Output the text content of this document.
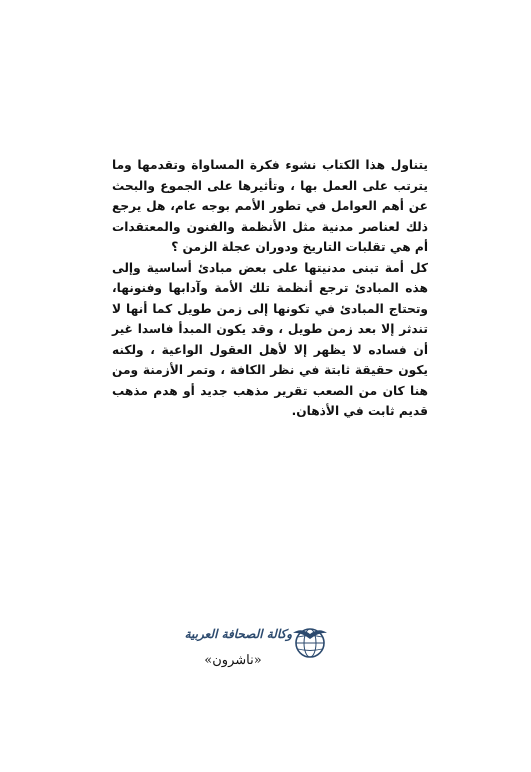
يتناول هذا الكتاب نشوء فكرة المساواة وتقدمها وما يترتب على العمل بها ، وتأثيرها على الجموع والبحث عن أهم العوامل في تطور الأمم بوجه عام، هل يرجع ذلك لعناصر مدنية مثل الأنظمة والفنون والمعتقدات أم هي تقلبات التاريخ ودوران عجلة الزمن ؟

كل أمة تبنى مدنيتها على بعض مبادئ أساسية وإلى هذه المبادئ ترجع أنظمة تلك الأمة وآدابها وفنونها، وتحتاج المبادئ في تكونها إلى زمن طويل كما أنها لا تندثر إلا بعد زمن طويل ، وقد يكون المبدأ فاسدا غير أن فساده لا يظهر إلا لأهل العقول الواعية ، ولكنه يكون حقيقة ثابتة في نظر الكافة ، وتمر الأزمنة ومن هنا كان من الصعب تقرير مذهب جديد أو هدم مذهب قديم ثابت في الأذهان.

وكالة الصحافة العربية
«ناشرون»
